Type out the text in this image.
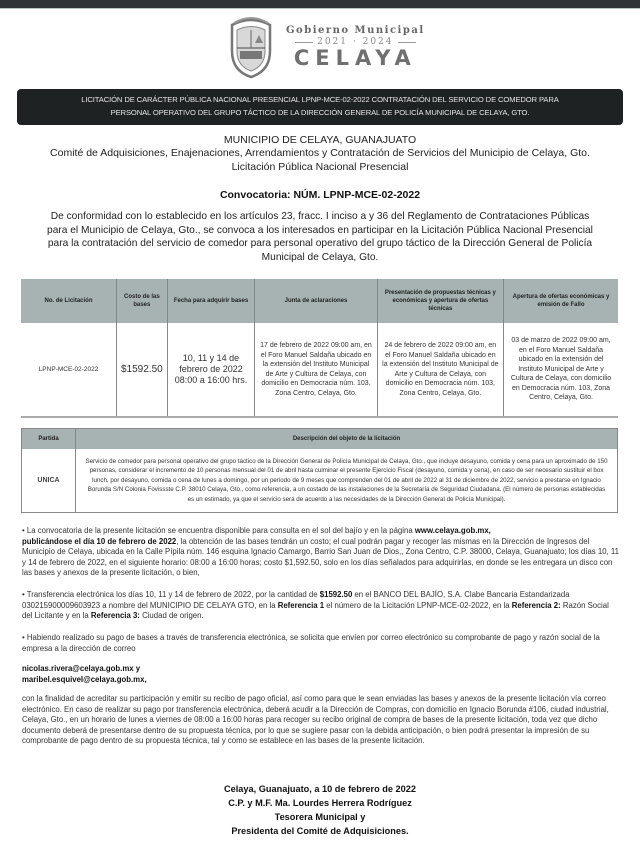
Gobierno Municipal
2021 · 2024
CELAYA
LICITACIÓN DE CARÁCTER PÚBLICA NACIONAL PRESENCIAL LPNP-MCE-02-2022 CONTRATACIÓN DEL SERVICIO DE COMEDOR PARA
PERSONAL OPERATIVO DEL GRUPO TÁCTICO DE LA DIRECCIÓN GENERAL DE POLICÍA MUNICIPAL DE CELAYA, GTO.
MUNICIPIO DE CELAYA, GUANAJUATO
Comité de Adquisiciones, Enajenaciones, Arrendamientos y Contratación de Servicios del Municipio de Celaya, Gto.
Licitación Pública Nacional Presencial
Convocatoria: NÚM. LPNP-MCE-02-2022
De conformidad con lo establecido en los artículos 23, fracc. I inciso a y 36 del Reglamento de Contrataciones Públicas para el Municipio de Celaya, Gto., se convoca a los interesados en participar en la Licitación Pública Nacional Presencial para la contratación del servicio de comedor para personal operativo del grupo táctico de la Dirección General de Policía Municipal de Celaya, Gto.
No. de Licitación	Costo de las bases	Fecha para adquirir bases	Junta de aclaraciones	Presentación de propuestas técnicas y económicas y apertura de ofertas técnicas	Apertura de ofertas económicas y emisión de Fallo
LPNP-MCE-02-2022	$1592.50	10, 11 y 14 de febrero de 2022 08:00 a 16:00 hrs.	17 de febrero de 2022 09:00 am, en el Foro Manuel Saldaña ubicado en la extensión del Instituto Municipal de Arte y Cultura de Celaya, con domicilio en Democracia núm. 103, Zona Centro, Celaya, Gto.	24 de febrero de 2022 09:00 am, en el Foro Manuel Saldaña ubicado en la extensión del Instituto Municipal de Arte y Cultura de Celaya, con domicilio en Democracia núm. 103, Zona Centro, Celaya, Gto.	03 de marzo de 2022 09:00 am, en el Foro Manuel Saldaña ubicado en la extensión del Instituto Municipal de Arte y Cultura de Celaya, con domicilio en Democracia núm. 103, Zona Centro, Celaya, Gto.
Partida	Descripción del objeto de la licitación
UNICA	Servicio de comedor para personal operativo del grupo táctico de la Dirección General de Policía Municipal de Celaya, Gto., que incluye desayuno, comida y cena para un aproximado de 150 personas, considerar el incremento de 10 personas mensual del 01 de abril hasta culminar el presente Ejercicio Fiscal (desayuno, comida y cena), en caso de ser necesario sustituir el box lunch, por desayuno, comida o cena de lunes a domingo, por un periodo de 9 meses que comprenden del 01 de abril de 2022 al 31 de diciembre de 2022, servicio a prestarse en Ignacio Borunda S/N Colonia Fovissste C.P. 38010 Celaya, Gto., como referencia, a un costado de las instalaciones de la Secretaría de Seguridad Ciudadana. (El número de personas establecidas es un estimado, ya que el servicio será de acuerdo a las necesidades de la Dirección General de Policía Municipal).
• La convocatoria de la presente licitación se encuentra disponible para consulta en el sol del bajío y en la página www.celaya.gob.mx,
publicándose el día 10 de febrero de 2022, la obtención de las bases tendrán un costo; el cual podrán pagar y recoger las mismas en la Dirección de Ingresos del Municipio de Celaya, ubicada en la Calle Pípila núm. 146 esquina Ignacio Camargo, Barrio San Juan de Dios,, Zona Centro, C.P. 38000, Celaya, Guanajuato; los días 10, 11 y 14 de febrero de 2022, en el siguiente horario: 08:00 a 16:00 horas; costo $1,592.50, solo en los días señalados para adquirirlas, en donde se les entregara un disco con las bases y anexos de la presente licitación, o bien,
• Transferencia electrónica los días 10, 11 y 14 de febrero de 2022, por la cantidad de $1592.50 en el BANCO DEL BAJÍO, S.A. Clabe Bancaria Estandarizada 030215900009603923 a nombre del MUNICIPIO DE CELAYA GTO, en la Referencia 1 el número de la Licitación LPNP-MCE-02-2022, en la Referencia 2: Razón Social del Licitante y en la Referencia 3: Ciudad de origen.
• Habiendo realizado su pago de bases a través de transferencia electrónica, se solicita que envíen por correo electrónico su comprobante de pago y razón social de la empresa a la dirección de correo
nicolas.rivera@celaya.gob.mx y
maribel.esquivel@celaya.gob.mx,
con la finalidad de acreditar su participación y emitir su recibo de pago oficial, así como para que le sean enviadas las bases y anexos de la presente licitación vía correo electrónico. En caso de realizar su pago por transferencia electrónica, deberá acudir a la Dirección de Compras, con domicilio en Ignacio Borunda #106, ciudad industrial, Celaya, Gto., en un horario de lunes a viernes de 08:00 a 16:00 horas para recoger su recibo original de compra de bases de la presente licitación, toda vez que dicho documento deberá de presentarse dentro de su propuesta técnica, por lo que se sugiere pasar con la debida anticipación, o bien podrá presentar la impresión de su comprobante de pago dentro de su propuesta técnica, tal y como se establece en las bases de la presente licitación.
Celaya, Guanajuato, a 10 de febrero de 2022
C.P. y M.F. Ma. Lourdes Herrera Rodríguez
Tesorera Municipal y
Presidenta del Comité de Adquisiciones.
